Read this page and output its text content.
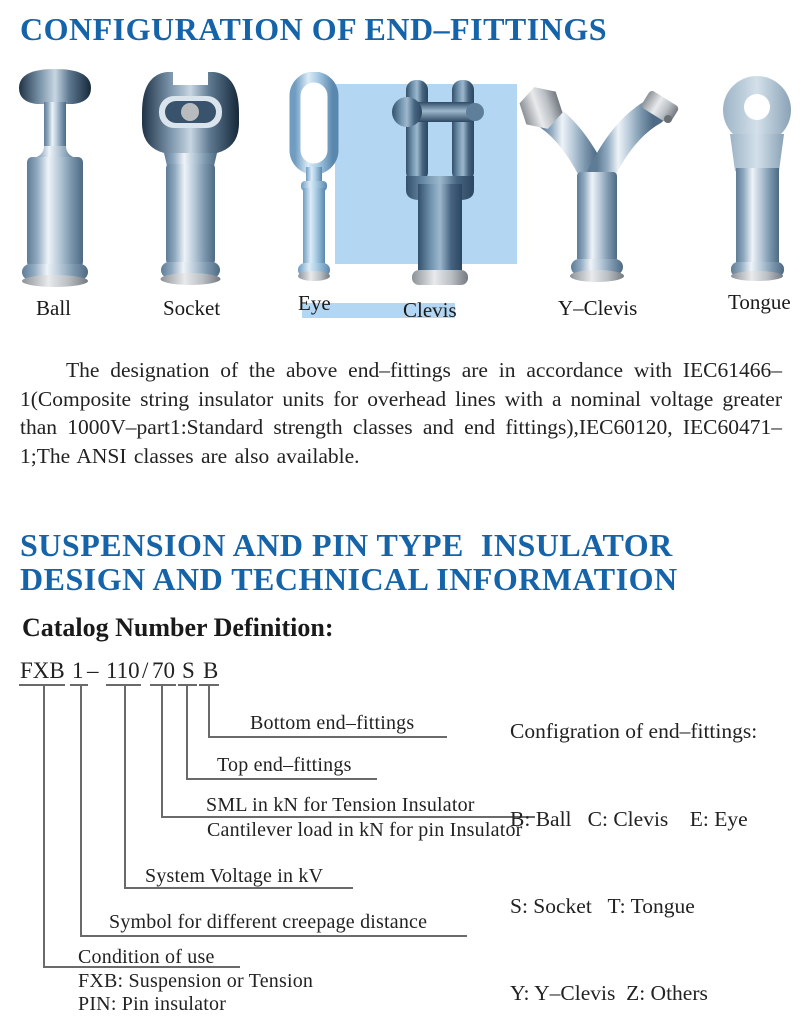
CONFIGURATION OF END–FITTINGS
Ball	Socket	Eye	Clevis	Y–Clevis	Tongue
The designation of the above end–fittings are in accordance with IEC61466–1(Composite string insulator units for overhead lines with a nominal voltage greater than 1000V–part1:Standard strength classes and end fittings),IEC60120, IEC60471–1;The ANSI classes are also available.
SUSPENSION AND PIN TYPE  INSULATOR
DESIGN AND TECHNICAL INFORMATION
Catalog Number Definition:
FXB 1 – 110 / 70 S B
Bottom end–fittings
Top end–fittings
SML in kN for Tension Insulator
Cantilever load in kN for pin Insulator
System Voltage in kV
Symbol for different creepage distance
Condition of use
FXB: Suspension or Tension
PIN: Pin insulator

Configration of end–fittings:

B: Ball   C: Clevis    E: Eye

S: Socket   T: Tongue

Y: Y–Clevis  Z: Others
